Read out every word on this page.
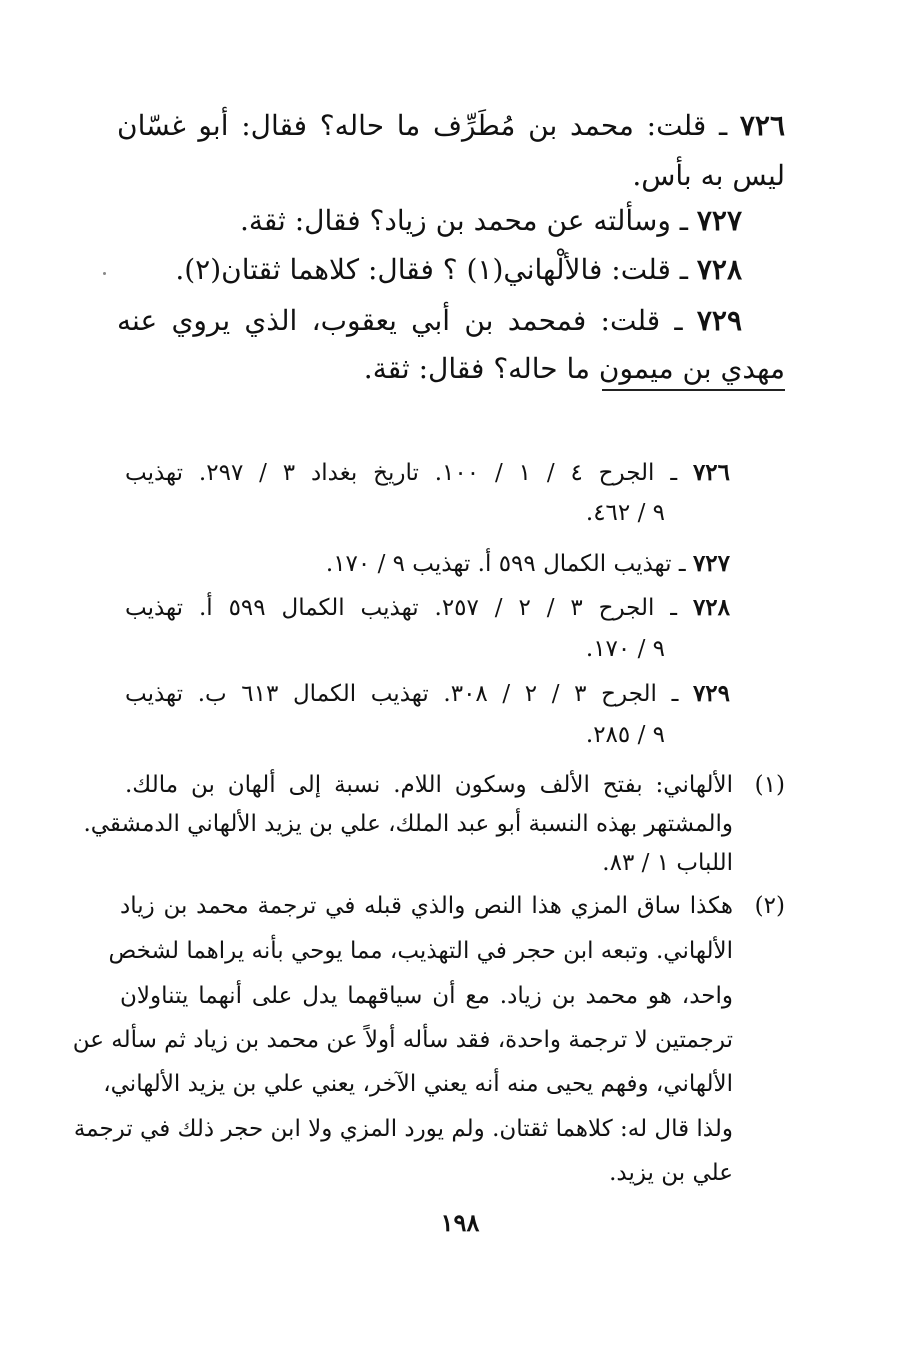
٧٢٦ ـ قلت: محمد بن مُطَرِّف ما حاله؟ فقال: أبو غسّان
ليس به بأس.
٧٢٧ ـ وسألته عن محمد بن زياد؟ فقال: ثقة.
٧٢٨ ـ قلت: فالألْهاني(١) ؟ فقال: كلاهما ثقتان(٢).
٧٢٩ ـ قلت: فمحمد بن أبي يعقوب، الذي يروي عنه
مهدي بن ميمون ما حاله؟ فقال: ثقة.
٧٢٦ ـ الجرح ٤ / ١ / ١٠٠. تاريخ بغداد ٣ / ٢٩٧. تهذيب
٩ / ٤٦٢.
٧٢٧ ـ تهذيب الكمال ٥٩٩ أ. تهذيب ٩ / ١٧٠.
٧٢٨ ـ الجرح ٣ / ٢ / ٢٥٧. تهذيب الكمال ٥٩٩ أ. تهذيب
٩ / ١٧٠.
٧٢٩ ـ الجرح ٣ / ٢ / ٣٠٨. تهذيب الكمال ٦١٣ ب. تهذيب
٩ / ٢٨٥.
(١)
الألهاني: بفتح الألف وسكون اللام. نسبة إلى ألهان بن مالك.
والمشتهر بهذه النسبة أبو عبد الملك، علي بن يزيد الألهاني الدمشقي.
اللباب ١ / ٨٣.
(٢)
هكذا ساق المزي هذا النص والذي قبله في ترجمة محمد بن زياد
الألهاني. وتبعه ابن حجر في التهذيب، مما يوحي بأنه يراهما لشخص
واحد، هو محمد بن زياد. مع أن سياقهما يدل على أنهما يتناولان
ترجمتين لا ترجمة واحدة، فقد سأله أولاً عن محمد بن زياد ثم سأله عن
الألهاني، وفهم يحيى منه أنه يعني الآخر، يعني علي بن يزيد الألهاني،
ولذا قال له: كلاهما ثقتان. ولم يورد المزي ولا ابن حجر ذلك في ترجمة
علي بن يزيد.
١٩٨
